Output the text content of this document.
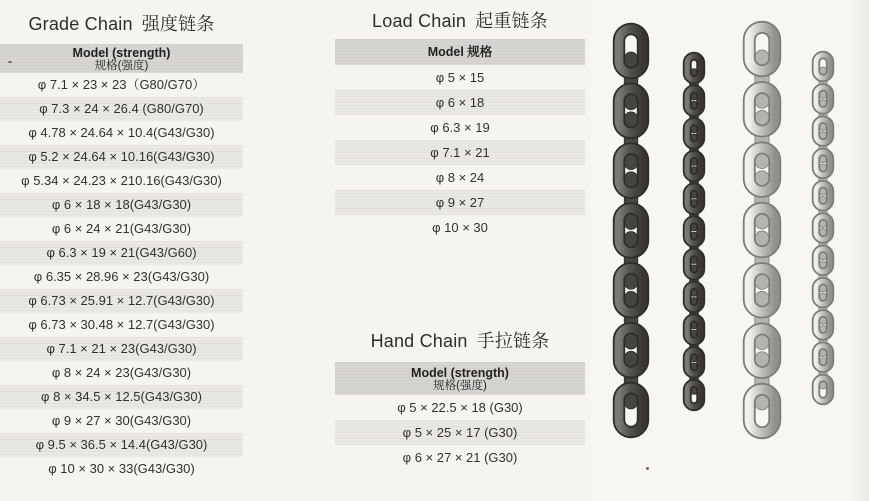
Grade Chain 强度链条
Model (strength)
规格(强度)
φ 7.1 × 23 × 23（G80/G70）
φ 7.3 × 24 × 26.4 (G80/G70)
φ 4.78 × 24.64 × 10.4(G43/G30)
φ 5.2 × 24.64 × 10.16(G43/G30)
φ 5.34 × 24.23 × 210.16(G43/G30)
φ 6 × 18 × 18(G43/G30)
φ 6 × 24 × 21(G43/G30)
φ 6.3 × 19 × 21(G43/G60)
φ 6.35 × 28.96 × 23(G43/G30)
φ 6.73 × 25.91 × 12.7(G43/G30)
φ 6.73 × 30.48 × 12.7(G43/G30)
φ 7.1 × 21 × 23(G43/G30)
φ 8 × 24 × 23(G43/G30)
φ 8 × 34.5 × 12.5(G43/G30)
φ 9 × 27 × 30(G43/G30)
φ 9.5 × 36.5 × 14.4(G43/G30)
φ 10 × 30 × 33(G43/G30)
Load Chain 起重链条
Model 规格
φ 5 × 15
φ 6 × 18
φ 6.3 × 19
φ 7.1 × 21
φ 8 × 24
φ 9 × 27
φ 10 × 30
Hand Chain 手拉链条
Model (strength)
规格(强度)
φ 5 × 22.5 × 18 (G30)
φ 5 × 25 × 17 (G30)
φ 6 × 27 × 21 (G30)
